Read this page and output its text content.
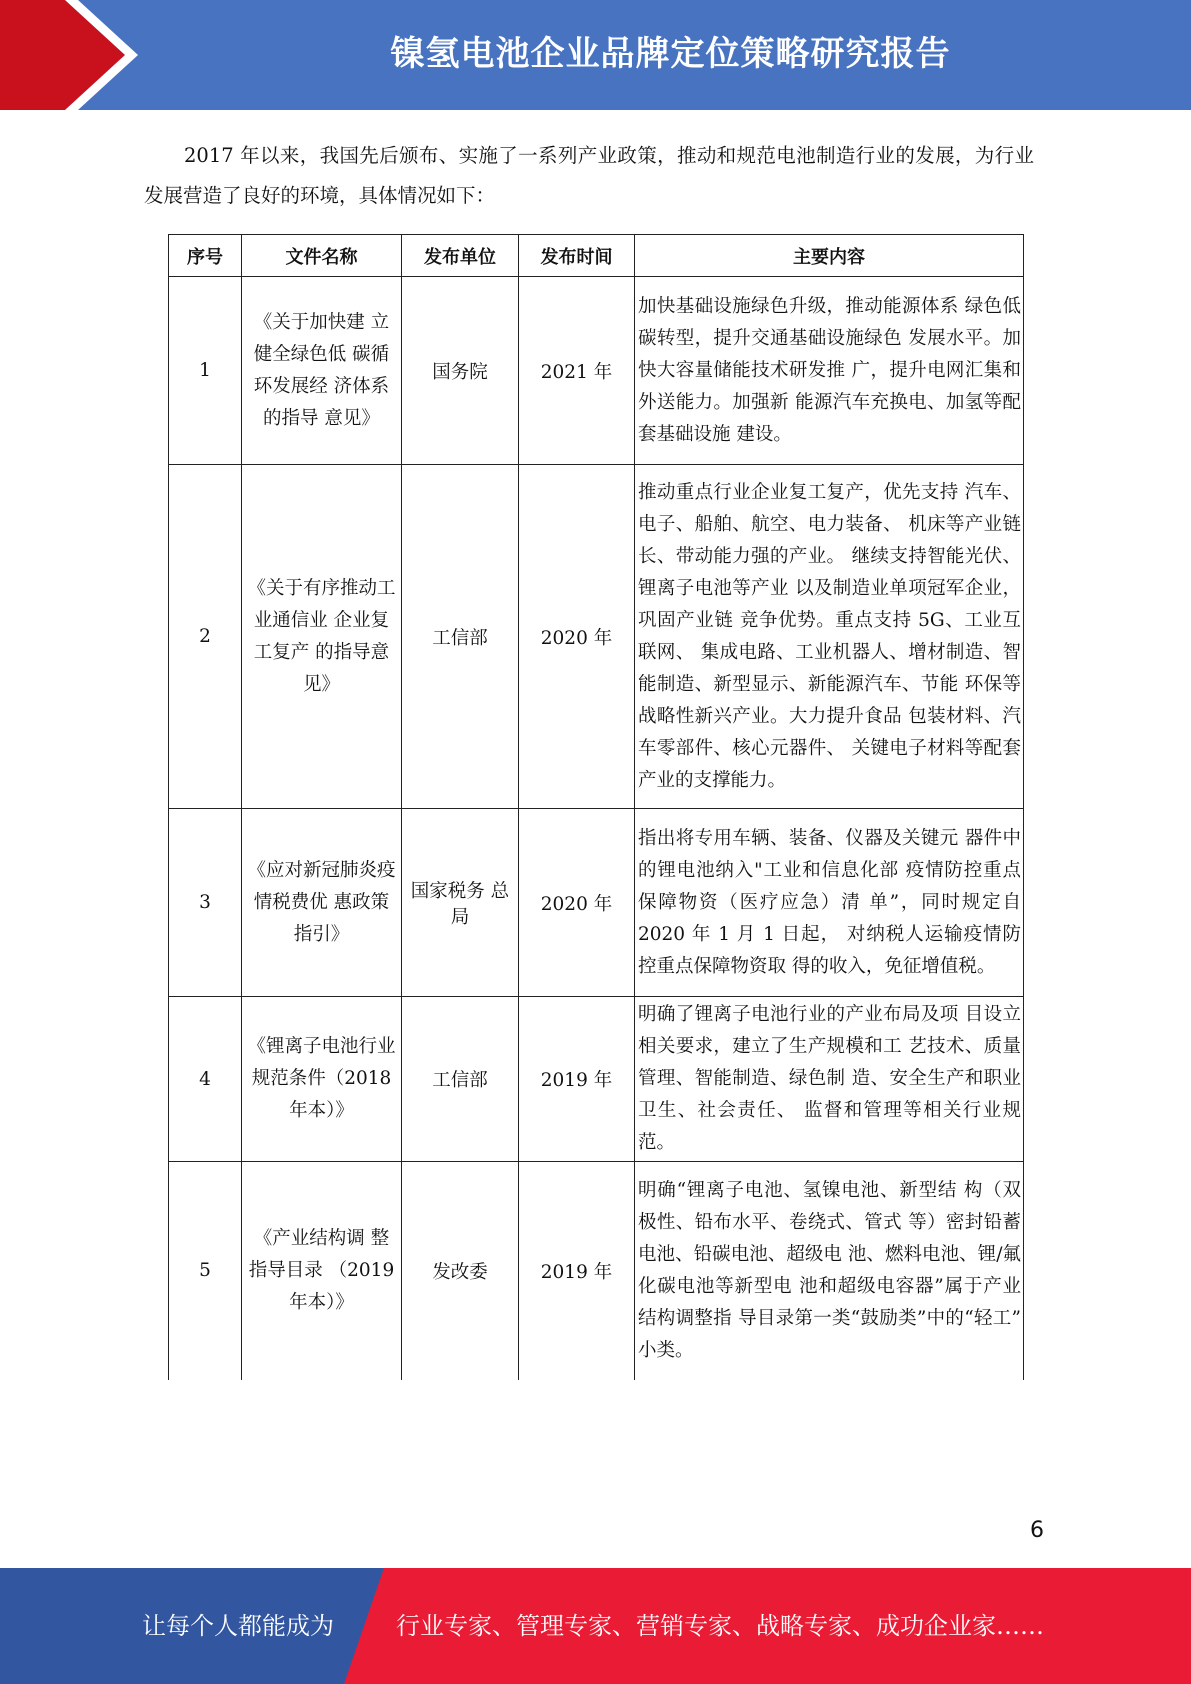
镍氢电池企业品牌定位策略研究报告
2017 年以来，我国先后颁布、实施了一系列产业政策，推动和规范电池制造行业的发展，为行业发展营造了良好的环境，具体情况如下：
序号	文件名称	发布单位	发布时间	主要内容
1	《关于加快建 立健全绿色低 碳循环发展经 济体系的指导 意见》	国务院	2021 年	加快基础设施绿色升级，推动能源体系 绿色低碳转型，提升交通基础设施绿色 发展水平。加快大容量储能技术研发推 广，提升电网汇集和外送能力。加强新 能源汽车充换电、加氢等配套基础设施 建设。
2	《关于有序推动工业通信业 企业复工复产 的指导意见》	工信部	2020 年	推动重点行业企业复工复产，优先支持 汽车、电子、船舶、航空、电力装备、 机床等产业链长、带动能力强的产业。 继续支持智能光伏、锂离子电池等产业 以及制造业单项冠军企业，巩固产业链 竞争优势。重点支持 5G、工业互联网、 集成电路、工业机器人、增材制造、智 能制造、新型显示、新能源汽车、节能 环保等战略性新兴产业。大力提升食品 包装材料、汽车零部件、核心元器件、 关键电子材料等配套产业的支撑能力。
3	《应对新冠肺炎疫情税费优 惠政策指引》	国家税务 总局	2020 年	指出将专用车辆、装备、仪器及关键元 器件中的锂电池纳入"工业和信息化部 疫情防控重点保障物资（医疗应急）清 单”，同时规定自 2020 年 1 月 1 日起， 对纳税人运输疫情防控重点保障物资取 得的收入，免征增值税。
4	《锂离子电池行业规范条件（2018 年本）》	工信部	2019 年	明确了锂离子电池行业的产业布局及项 目设立相关要求，建立了生产规模和工 艺技术、质量管理、智能制造、绿色制 造、安全生产和职业卫生、社会责任、 监督和管理等相关行业规范。
5	《产业结构调 整指导目录 （2019 年本）》	发改委	2019 年	明确“锂离子电池、氢镍电池、新型结 构（双极性、铅布水平、卷绕式、管式 等）密封铅蓄电池、铅碳电池、超级电 池、燃料电池、锂/氟化碳电池等新型电 池和超级电容器”属于产业结构调整指 导目录第一类“鼓励类”中的“轻工” 小类。
6
让每个人都能成为	行业专家、管理专家、营销专家、战略专家、成功企业家……
